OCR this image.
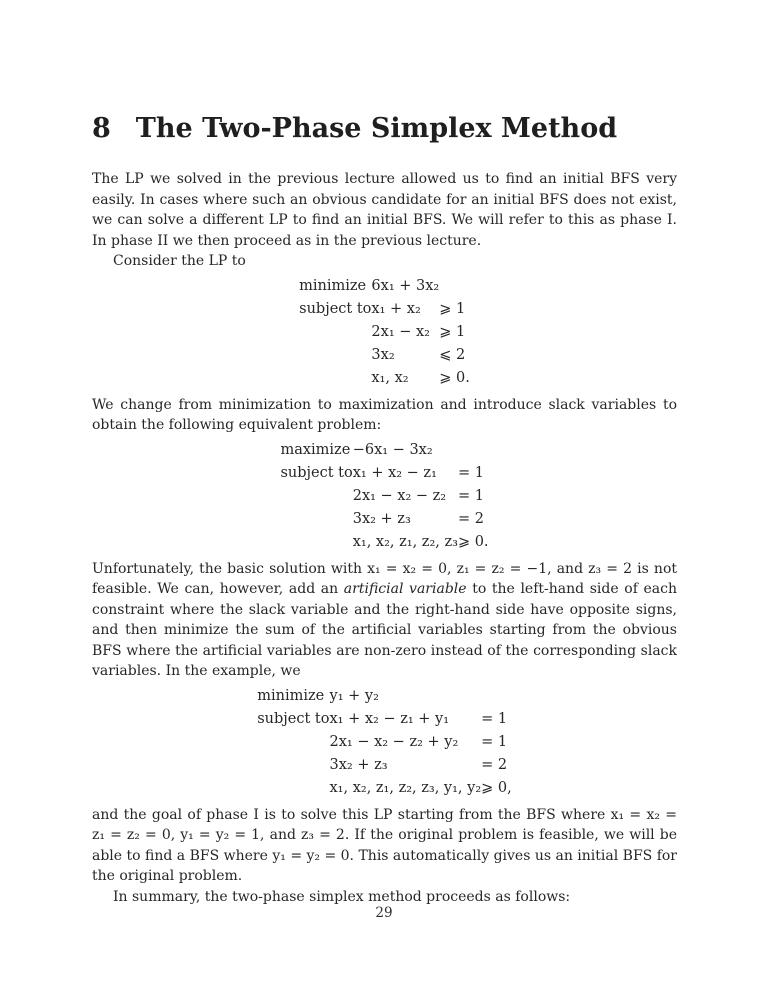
8 The Two-Phase Simplex Method

The LP we solved in the previous lecture allowed us to find an initial BFS very easily. In cases where such an obvious candidate for an initial BFS does not exist, we can solve a different LP to find an initial BFS. We will refer to this as phase I. In phase II we then proceed as in the previous lecture.

Consider the LP to

minimize	6x₁ + 3x₂	
subject to	x₁ + x₂	⩾ 1
	2x₁ − x₂	⩾ 1
	3x₂	⩽ 2
	x₁, x₂	⩾ 0.

We change from minimization to maximization and introduce slack variables to obtain the following equivalent problem:

maximize	−6x₁ − 3x₂	
subject to	x₁ + x₂ − z₁	= 1
	2x₁ − x₂ − z₂	= 1
	3x₂ + z₃	= 2
	x₁, x₂, z₁, z₂, z₃	⩾ 0.

Unfortunately, the basic solution with x₁ = x₂ = 0, z₁ = z₂ = −1, and z₃ = 2 is not feasible. We can, however, add an artificial variable to the left-hand side of each constraint where the slack variable and the right-hand side have opposite signs, and then minimize the sum of the artificial variables starting from the obvious BFS where the artificial variables are non-zero instead of the corresponding slack variables. In the example, we

minimize	y₁ + y₂	
subject to	x₁ + x₂ − z₁ + y₁	= 1
	2x₁ − x₂ − z₂ + y₂	= 1
	3x₂ + z₃	= 2
	x₁, x₂, z₁, z₂, z₃, y₁, y₂	⩾ 0,

and the goal of phase I is to solve this LP starting from the BFS where x₁ = x₂ = z₁ = z₂ = 0, y₁ = y₂ = 1, and z₃ = 2. If the original problem is feasible, we will be able to find a BFS where y₁ = y₂ = 0. This automatically gives us an initial BFS for the original problem.

In summary, the two-phase simplex method proceeds as follows:

29
